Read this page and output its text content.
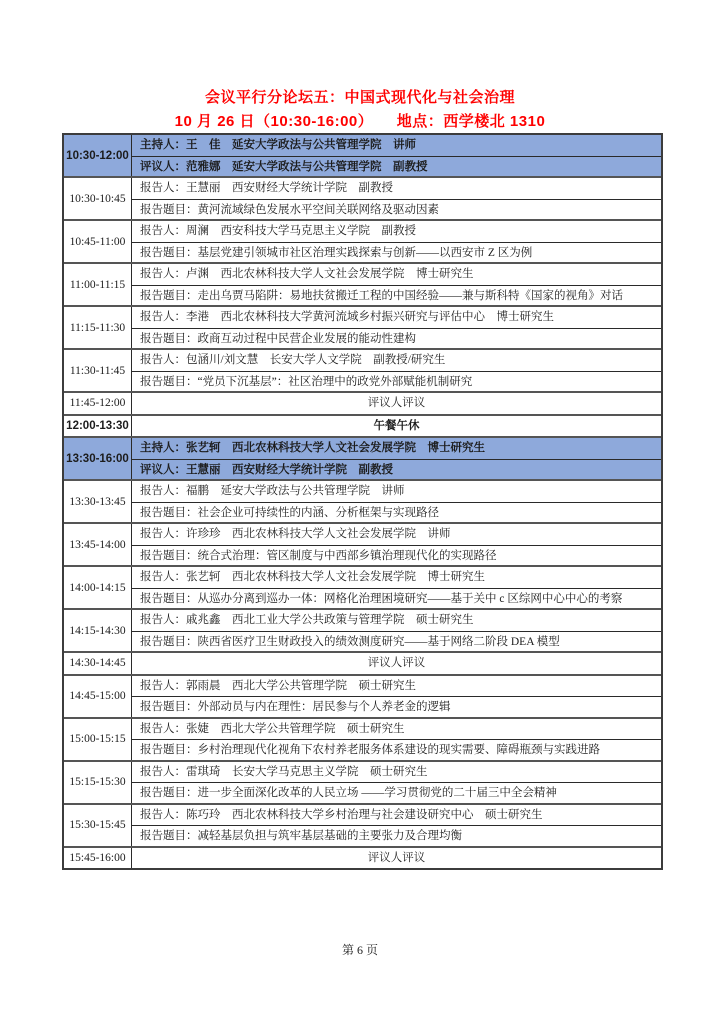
会议平行分论坛五：中国式现代化与社会治理
10 月 26 日（10:30-16:00）　　地点：西学楼北 1310
10:30-12:00
主持人：王　佳　延安大学政法与公共管理学院　讲师
评议人：范雅娜　延安大学政法与公共管理学院　副教授
10:30-10:45
报告人：王慧丽　西安财经大学统计学院　副教授
报告题目：黄河流域绿色发展水平空间关联网络及驱动因素
10:45-11:00
报告人：周澜　西安科技大学马克思主义学院　副教授
报告题目：基层党建引领城市社区治理实践探索与创新——以西安市 Z 区为例
11:00-11:15
报告人：卢渊　西北农林科技大学人文社会发展学院　博士研究生
报告题目：走出乌贾马陷阱：易地扶贫搬迁工程的中国经验——兼与斯科特《国家的视角》对话
11:15-11:30
报告人：李港　西北农林科技大学黄河流域乡村振兴研究与评估中心　博士研究生
报告题目：政商互动过程中民营企业发展的能动性建构
11:30-11:45
报告人：包涵川/刘文慧　长安大学人文学院　副教授/研究生
报告题目：“党员下沉基层”：社区治理中的政党外部赋能机制研究
11:45-12:00	评议人评议
12:00-13:30	午餐午休
13:30-16:00
主持人：张艺轲　西北农林科技大学人文社会发展学院　博士研究生
评议人：王慧丽　西安财经大学统计学院　副教授
13:30-13:45
报告人：福鹏　延安大学政法与公共管理学院　讲师
报告题目：社会企业可持续性的内涵、分析框架与实现路径
13:45-14:00
报告人：许珍珍　西北农林科技大学人文社会发展学院　讲师
报告题目：统合式治理：管区制度与中西部乡镇治理现代化的实现路径
14:00-14:15
报告人：张艺轲　西北农林科技大学人文社会发展学院　博士研究生
报告题目：从巡办分离到巡办一体：网格化治理困境研究——基于关中 c 区综网中心中心的考察
14:15-14:30
报告人：戚兆鑫　西北工业大学公共政策与管理学院　硕士研究生
报告题目：陕西省医疗卫生财政投入的绩效测度研究——基于网络二阶段 DEA 模型
14:30-14:45	评议人评议
14:45-15:00
报告人：郭雨晨　西北大学公共管理学院　硕士研究生
报告题目：外部动员与内在理性：居民参与个人养老金的逻辑
15:00-15:15
报告人：张婕　西北大学公共管理学院　硕士研究生
报告题目：乡村治理现代化视角下农村养老服务体系建设的现实需要、障碍瓶颈与实践进路
15:15-15:30
报告人：雷琪琦　长安大学马克思主义学院　硕士研究生
报告题目：进一步全面深化改革的人民立场 ——学习贯彻党的二十届三中全会精神
15:30-15:45
报告人：陈巧玲　西北农林科技大学乡村治理与社会建设研究中心　硕士研究生
报告题目：减轻基层负担与筑牢基层基础的主要张力及合理均衡
15:45-16:00	评议人评议
第 6 页
